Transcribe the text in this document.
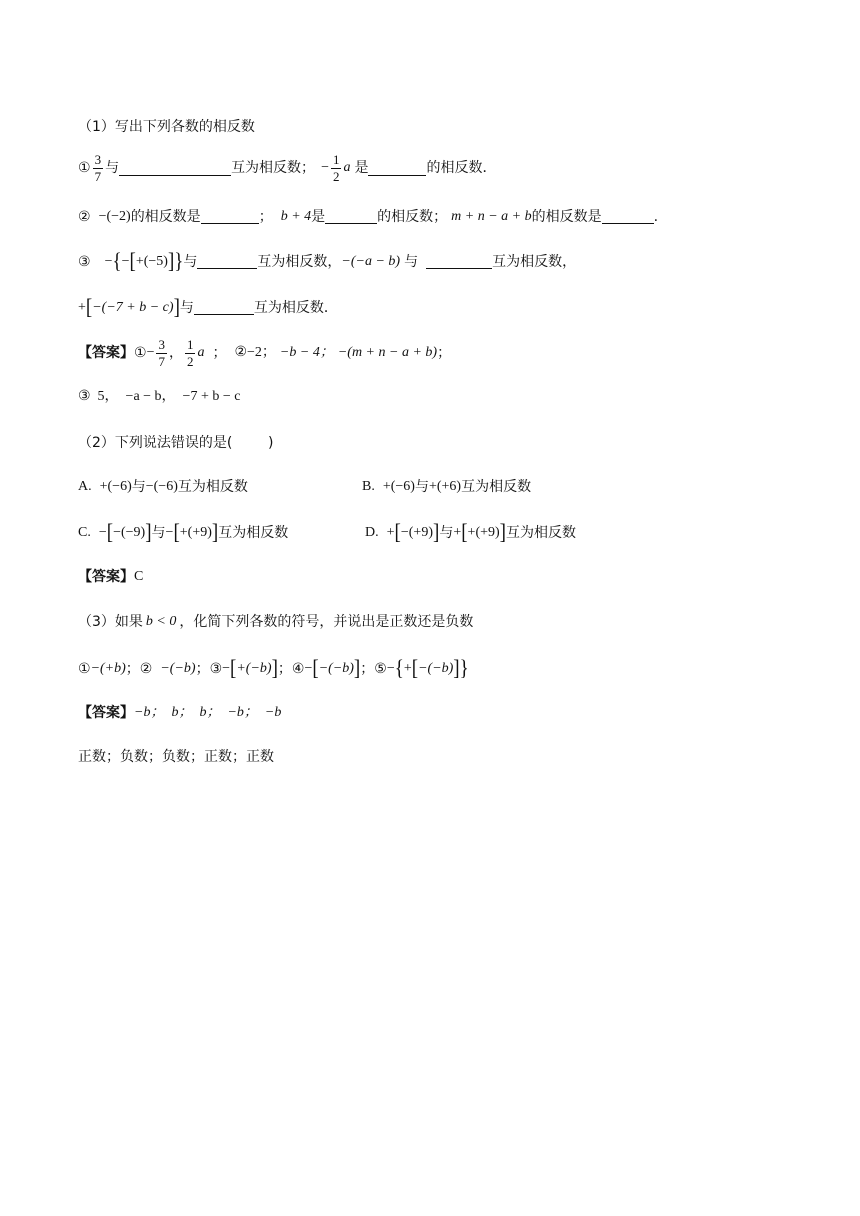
（1）写出下列各数的相反数
① $\frac{3}{7}$ 与	互为相反数； − $\frac{1}{2}$ a 是	的相反数．
② −(−2) 的相反数是	； b + 4 是	的相反数； m + n − a + b 的相反数是	.
③ − { − [ +(−5) ] } 与	互为相反数， −(−a − b) 与	互为相反数，
+ [ −(−7 + b − c) ] 与	互为相反数．
【答案】 ① − $\frac{3}{7}$ ， $\frac{1}{2}$ a ； ②−2； −b − 4； −(m + n − a + b) ；
③  5，  −a − b，  −7 + b − c
（2）下列说法错误的是(        )
A. +(−6) 与 −(−6) 互为相反数	B. +(−6) 与 +(+6) 互为相反数
C. − [ −(−9) ] 与 − [ +(+9) ] 互为相反数	D. + [ −(+9) ] 与 + [ +(+9) ] 互为相反数
【答案】 C
（3）如果 b < 0 ，化简下列各数的符号，并说出是正数还是负数
① −(+b) ； ② −(−b) ； ③ − [ +(−b) ] ； ④ − [ −(−b) ] ； ⑤ − { + [ −(−b) ] }
【答案】 −b；  b；  b；  −b；  −b
正数；负数；负数；正数；正数
